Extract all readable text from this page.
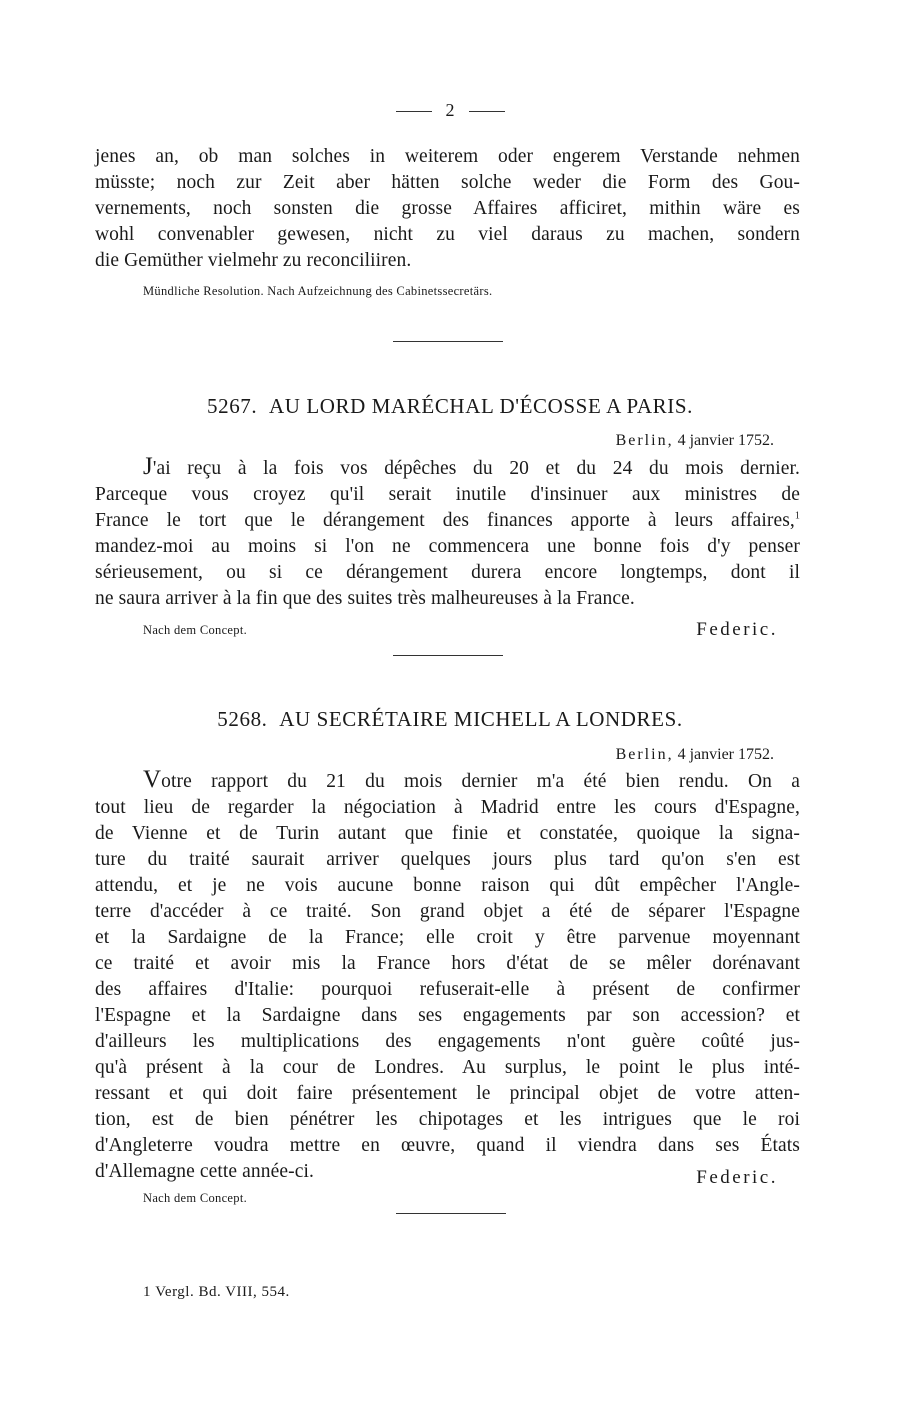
2
jenes an, ob man solches in weiterem oder engerem Verstande nehmen
müsste; noch zur Zeit aber hätten solche weder die Form des Gou-
vernements, noch sonsten die grosse Affaires afficiret, mithin wäre es
wohl convenabler gewesen, nicht zu viel daraus zu machen, sondern
die Gemüther vielmehr zu reconciliiren.
Mündliche Resolution. Nach Aufzeichnung des Cabinetssecretärs.
5267. AU LORD MARÉCHAL D'ÉCOSSE A PARIS.
Berlin, 4 janvier 1752.
J'ai reçu à la fois vos dépêches du 20 et du 24 du mois dernier.
Parceque vous croyez qu'il serait inutile d'insinuer aux ministres de
France le tort que le dérangement des finances apporte à leurs affaires,$^1$
mandez-moi au moins si l'on ne commencera une bonne fois d'y penser
sérieusement, ou si ce dérangement durera encore longtemps, dont il
ne saura arriver à la fin que des suites très malheureuses à la France.
Nach dem Concept.	Federic.
5268. AU SECRÉTAIRE MICHELL A LONDRES.
Berlin, 4 janvier 1752.
Votre rapport du 21 du mois dernier m'a été bien rendu. On a
tout lieu de regarder la négociation à Madrid entre les cours d'Espagne,
de Vienne et de Turin autant que finie et constatée, quoique la signa-
ture du traité saurait arriver quelques jours plus tard qu'on s'en est
attendu, et je ne vois aucune bonne raison qui dût empêcher l'Angle-
terre d'accéder à ce traité. Son grand objet a été de séparer l'Espagne
et la Sardaigne de la France; elle croit y être parvenue moyennant
ce traité et avoir mis la France hors d'état de se mêler dorénavant
des affaires d'Italie: pourquoi refuserait-elle à présent de confirmer
l'Espagne et la Sardaigne dans ses engagements par son accession? et
d'ailleurs les multiplications des engagements n'ont guère coûté jus-
qu'à présent à la cour de Londres. Au surplus, le point le plus inté-
ressant et qui doit faire présentement le principal objet de votre atten-
tion, est de bien pénétrer les chipotages et les intrigues que le roi
d'Angleterre voudra mettre en œuvre, quand il viendra dans ses États
d'Allemagne cette année-ci.	Federic.
Nach dem Concept.
1 Vergl. Bd. VIII, 554.
